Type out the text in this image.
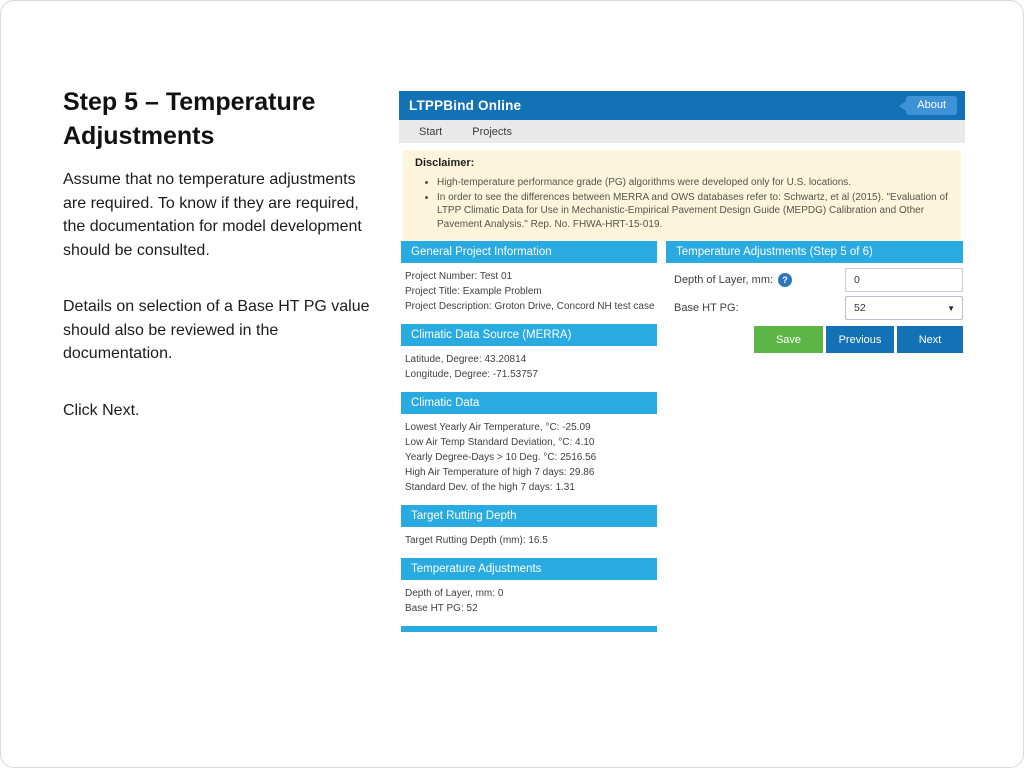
Step 5 – Temperature Adjustments

Assume that no temperature adjustments are required. To know if they are required, the documentation for model development should be consulted.

Details on selection of a Base HT PG value should also be reviewed in the documentation.

Click Next.

LTPPBind Online	About
Start	Projects
Disclaimer:
• High-temperature performance grade (PG) algorithms were developed only for U.S. locations.
• In order to see the differences between MERRA and OWS databases refer to: Schwartz, et al (2015). "Evaluation of LTPP Climatic Data for Use in Mechanistic-Empirical Pavement Design Guide (MEPDG) Calibration and Other Pavement Analysis." Rep. No. FHWA-HRT-15-019.
General Project Information
Project Number: Test 01
Project Title: Example Problem
Project Description: Groton Drive, Concord NH test case
Climatic Data Source (MERRA)
Latitude, Degree: 43.20814
Longitude, Degree: -71.53757
Climatic Data
Lowest Yearly Air Temperature, °C: -25.09
Low Air Temp Standard Deviation, °C: 4.10
Yearly Degree-Days > 10 Deg. °C: 2516.56
High Air Temperature of high 7 days: 29.86
Standard Dev. of the high 7 days: 1.31
Target Rutting Depth
Target Rutting Depth (mm): 16.5
Temperature Adjustments
Depth of Layer, mm: 0
Base HT PG: 52
Temperature Adjustments (Step 5 of 6)
Depth of Layer, mm:	?
0
Base HT PG:	52	▼
Save	Previous	Next
